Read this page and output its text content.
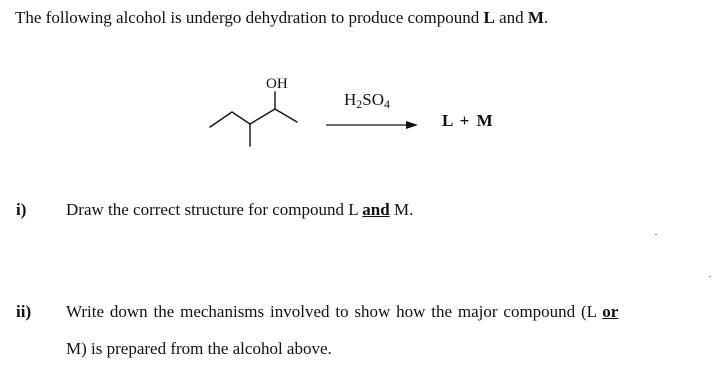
The following alcohol is undergo dehydration to produce compound L and M.
OH
$H_2SO_4$
L + M
i) Draw the correct structure for compound L and M.
ii) Write down the mechanisms involved to show how the major compound (L or
M) is prepared from the alcohol above.
